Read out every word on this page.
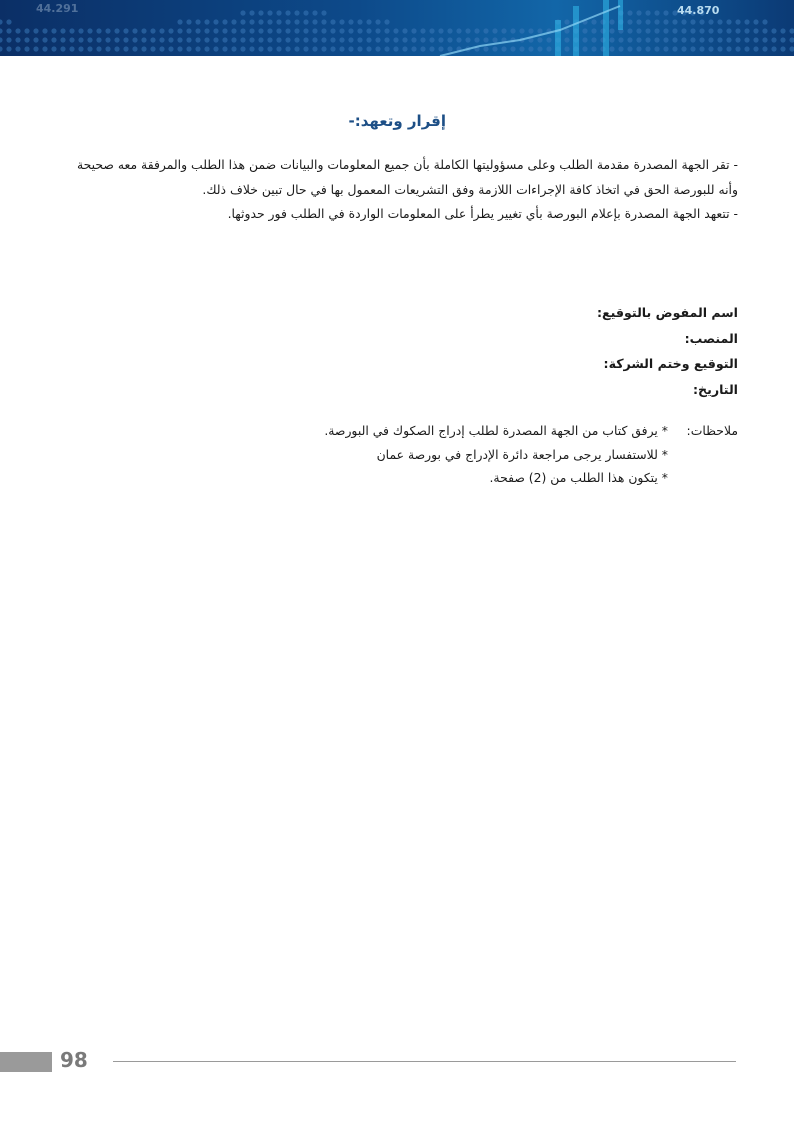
44.291	44.870
إقرار وتعهد:-

- تقر الجهة المصدرة مقدمة الطلب وعلى مسؤوليتها الكاملة بأن جميع المعلومات والبيانات ضمن هذا الطلب والمرفقة معه صحيحة وأنه للبورصة الحق في اتخاذ كافة الإجراءات اللازمة وفق التشريعات المعمول بها في حال تبين خلاف ذلك.

- تتعهد الجهة المصدرة بإعلام البورصة بأي تغيير يطرأ على المعلومات الواردة في الطلب فور حدوثها.

اسم المفوض بالتوقيع:
المنصب:
التوقيع وختم الشركة:
التاريخ:
ملاحظات:
* يرفق كتاب من الجهة المصدرة لطلب إدراج الصكوك في البورصة.
* للاستفسار يرجى مراجعة دائرة الإدراج في بورصة عمان
* يتكون هذا الطلب من (2) صفحة.
98
